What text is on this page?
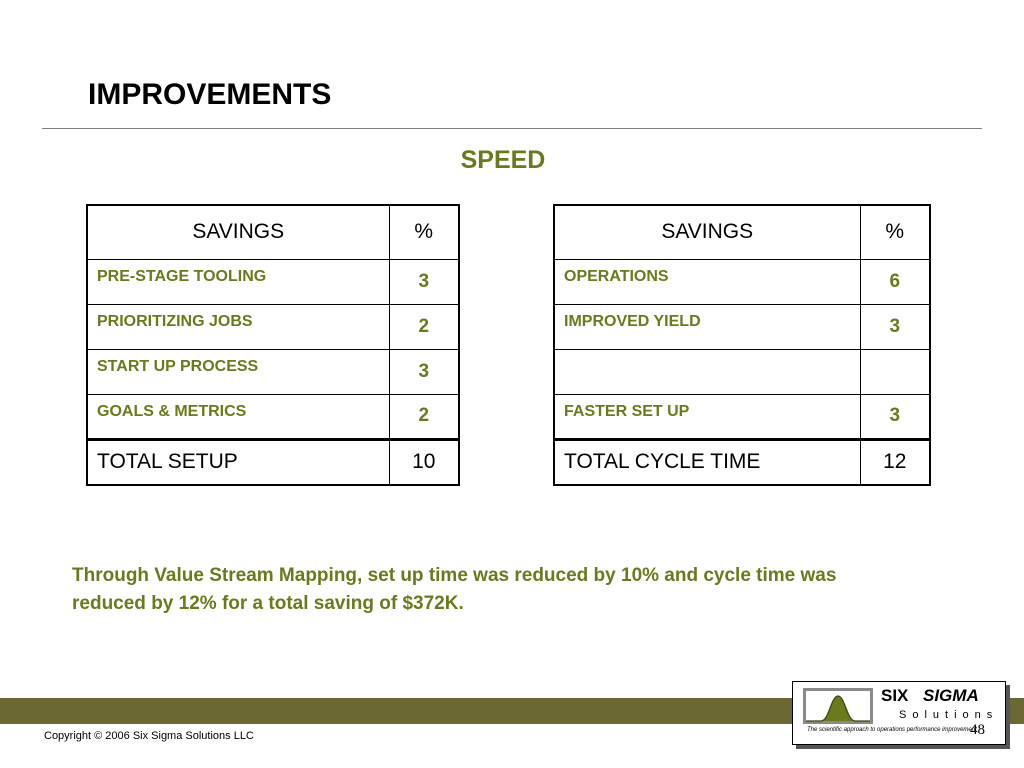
IMPROVEMENTS
SPEED
SAVINGS	%
PRE-STAGE TOOLING	3
PRIORITIZING JOBS	2
START UP PROCESS	3
GOALS & METRICS	2
TOTAL SETUP	10
SAVINGS	%
OPERATIONS	6
IMPROVED YIELD	3

FASTER SET UP	3
TOTAL CYCLE TIME	12

Through Value Stream Mapping, set up time was reduced by 10% and cycle time was reduced by 12% for a total saving of $372K.

Copyright © 2006 Six Sigma Solutions LLC
SIX SIGMA
Solutions
The scientific approach to operations performance improvement
48
